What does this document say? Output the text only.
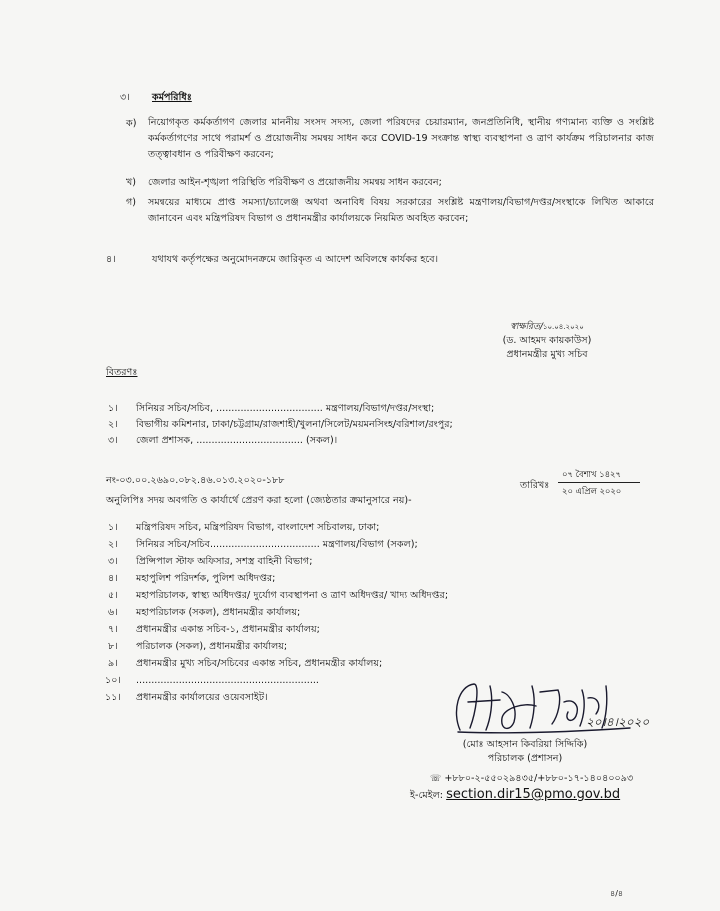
৩। কর্মপরিধিঃ
ক) নিয়োগকৃত কর্মকর্তাগণ জেলার মাননীয় সংসদ সদস্য, জেলা পরিষদের চেয়ারম্যান, জনপ্রতিনিধি, স্থানীয় গণ্যমান্য ব্যক্তি ও সংশ্লিষ্ট কর্মকর্তাগণের সাথে পরামর্শ ও প্রয়োজনীয় সমন্বয় সাধন করে COVID-19 সংক্রান্ত স্বাস্থ্য ব্যবস্থাপনা ও ত্রাণ কার্যক্রম পরিচালনার কাজ তত্ত্বাবধান ও পরিবীক্ষণ করবেন;
খ) জেলার আইন-শৃঙ্খলা পরিস্থিতি পরিবীক্ষণ ও প্রয়োজনীয় সমন্বয় সাধন করবেন;
গ) সমন্বয়ের মাধ্যমে প্রাপ্ত সমস্যা/চ্যালেঞ্জ অথবা অনাবিধ বিষয় সরকারের সংশ্লিষ্ট মন্ত্রণালয়/বিভাগ/দপ্তর/সংস্থাকে লিখিত আকারে জানাবেন এবং মন্ত্রিপরিষদ বিভাগ ও প্রধানমন্ত্রীর কার্যালয়কে নিয়মিত অবহিত করবেন;
৪।	যথাযথ কর্তৃপক্ষের অনুমোদনক্রমে জারিকৃত এ আদেশ অবিলম্বে কার্যকর হবে।
স্বাক্ষরিত/১০.০৪.২০২০
(ড. আহমদ কায়কাউস)
প্রধানমন্ত্রীর মুখ্য সচিব
বিতরণঃ
১। সিনিয়র সচিব/সচিব, ................................... মন্ত্রণালয়/বিভাগ/দপ্তর/সংস্থা;
২। বিভাগীয় কমিশনার, ঢাকা/চট্টগ্রাম/রাজশাহী/খুলনা/সিলেট/ময়মনসিংহ/বরিশাল/রংপুর;
৩। জেলা প্রশাসক, ................................... (সকল)।
নং-০৩.০০.২৬৯০.০৮২.৪৬.০১৩.২০২০-১৮৮	তারিখঃ
০৭ বৈশাখ ১৪২৭
২০ এপ্রিল ২০২০
অনুলিপিঃ সদয় অবগতি ও কার্যার্থে প্রেরণ করা হলো (জ্যেষ্ঠতার ক্রমানুসারে নয়)-
১। মন্ত্রিপরিষদ সচিব, মন্ত্রিপরিষদ বিভাগ, বাংলাদেশ সচিবালয়, ঢাকা;
২। সিনিয়র সচিব/সচিব.................................... মন্ত্রণালয়/বিভাগ (সকল);
৩। প্রিন্সিপাল স্টাফ অফিসার, সশস্ত্র বাহিনী বিভাগ;
৪। মহাপুলিশ পরিদর্শক, পুলিশ অধিদপ্তর;
৫। মহাপরিচালক, স্বাস্থ্য অধিদপ্তর/ দুর্যোগ ব্যবস্থাপনা ও ত্রাণ অধিদপ্তর/ খাদ্য অধিদপ্তর;
৬। মহাপরিচালক (সকল), প্রধানমন্ত্রীর কার্যালয়;
৭। প্রধানমন্ত্রীর একান্ত সচিব-১, প্রধানমন্ত্রীর কার্যালয়;
৮। পরিচালক (সকল), প্রধানমন্ত্রীর কার্যালয়;
৯। প্রধানমন্ত্রীর মুখ্য সচিব/সচিবের একান্ত সচিব, প্রধানমন্ত্রীর কার্যালয়;
১০। ............................................................
১১। প্রধানমন্ত্রীর কার্যালয়ের ওয়েবসাইট।
২০।৪।২০২০
(মোঃ আহসান কিবরিয়া সিদ্দিকি)
পরিচালক (প্রশাসন)
☏ +৮৮০-২-৫৫০২৯৪৩৫/+৮৮০-১৭-১৪০৪০০৯৩
ই-মেইল: section.dir15@pmo.gov.bd
৪/৪
